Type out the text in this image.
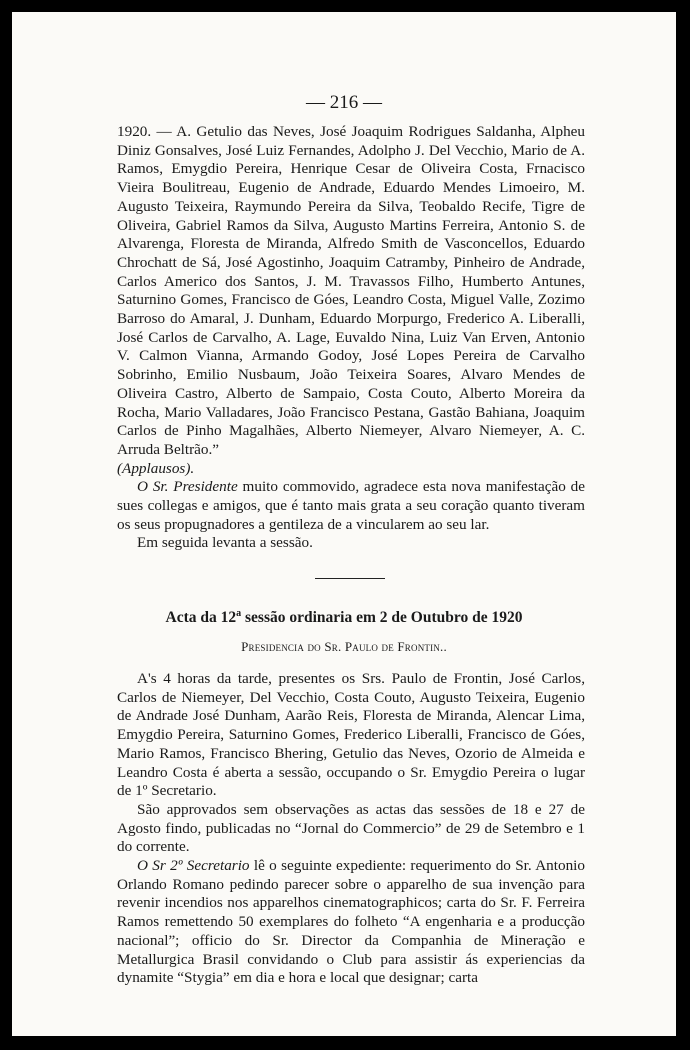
— 216 —

1920. — A. Getulio das Neves, José Joaquim Rodrigues Saldanha, Alpheu Diniz Gonsalves, José Luiz Fernandes, Adolpho J. Del Vecchio, Mario de A. Ramos, Emygdio Pereira, Henrique Cesar de Oliveira Costa, Frnacisco Vieira Boulitreau, Eugenio de Andrade, Eduardo Mendes Limoeiro, M. Augusto Teixeira, Raymundo Pereira da Silva, Teobaldo Recife, Tigre de Oliveira, Gabriel Ramos da Silva, Augusto Martins Ferreira, Antonio S. de Alvarenga, Floresta de Miranda, Alfredo Smith de Vasconcellos, Eduardo Chrochatt de Sá, José Agostinho, Joaquim Catramby, Pinheiro de Andrade, Carlos Americo dos Santos, J. M. Travassos Filho, Humberto Antunes, Saturnino Gomes, Francisco de Góes, Leandro Costa, Miguel Valle, Zozimo Barroso do Amaral, J. Dunham, Eduardo Morpurgo, Frederico A. Liberalli, José Carlos de Carvalho, A. Lage, Euvaldo Nina, Luiz Van Erven, Antonio V. Calmon Vianna, Armando Godoy, José Lopes Pereira de Carvalho Sobrinho, Emilio Nusbaum, João Teixeira Soares, Alvaro Mendes de Oliveira Castro, Alberto de Sampaio, Costa Couto, Alberto Moreira da Rocha, Mario Valladares, João Francisco Pestana, Gastão Bahiana, Joaquim Carlos de Pinho Magalhães, Alberto Niemeyer, Alvaro Niemeyer, A. C. Arruda Beltrão.”
(Applausos).

O Sr. Presidente muito commovido, agradece esta nova manifestação de sues collegas e amigos, que é tanto mais grata a seu coração quanto tiveram os seus propugnadores a gentileza de a vincularem ao seu lar.

Em seguida levanta a sessão.

Acta da 12$^a$ sessão ordinaria em 2 de Outubro de 1920
Presidencia do Sr. Paulo de Frontin..

A's 4 horas da tarde, presentes os Srs. Paulo de Frontin, José Carlos, Carlos de Niemeyer, Del Vecchio, Costa Couto, Augusto Teixeira, Eugenio de Andrade José Dunham, Aarão Reis, Floresta de Miranda, Alencar Lima, Emygdio Pereira, Saturnino Gomes, Frederico Liberalli, Francisco de Góes, Mario Ramos, Francisco Bhering, Getulio das Neves, Ozorio de Almeida e Leandro Costa é aberta a sessão, occupando o Sr. Emygdio Pereira o lugar de 1º Secretario.

São approvados sem observações as actas das sessões de 18 e 27 de Agosto findo, publicadas no “Jornal do Commercio” de 29 de Setembro e 1 do corrente.

O Sr 2º Secretario lê o seguinte expediente: requerimento do Sr. Antonio Orlando Romano pedindo parecer sobre o apparelho de sua invenção para revenir incendios nos apparelhos cinematographicos; carta do Sr. F. Ferreira Ramos remettendo 50 exemplares do folheto “A engenharia e a producção nacional”; officio do Sr. Director da Companhia de Mineração e Metallurgica Brasil convidando o Club para assistir ás experiencias da dynamite “Stygia” em dia e hora e local que designar; carta
